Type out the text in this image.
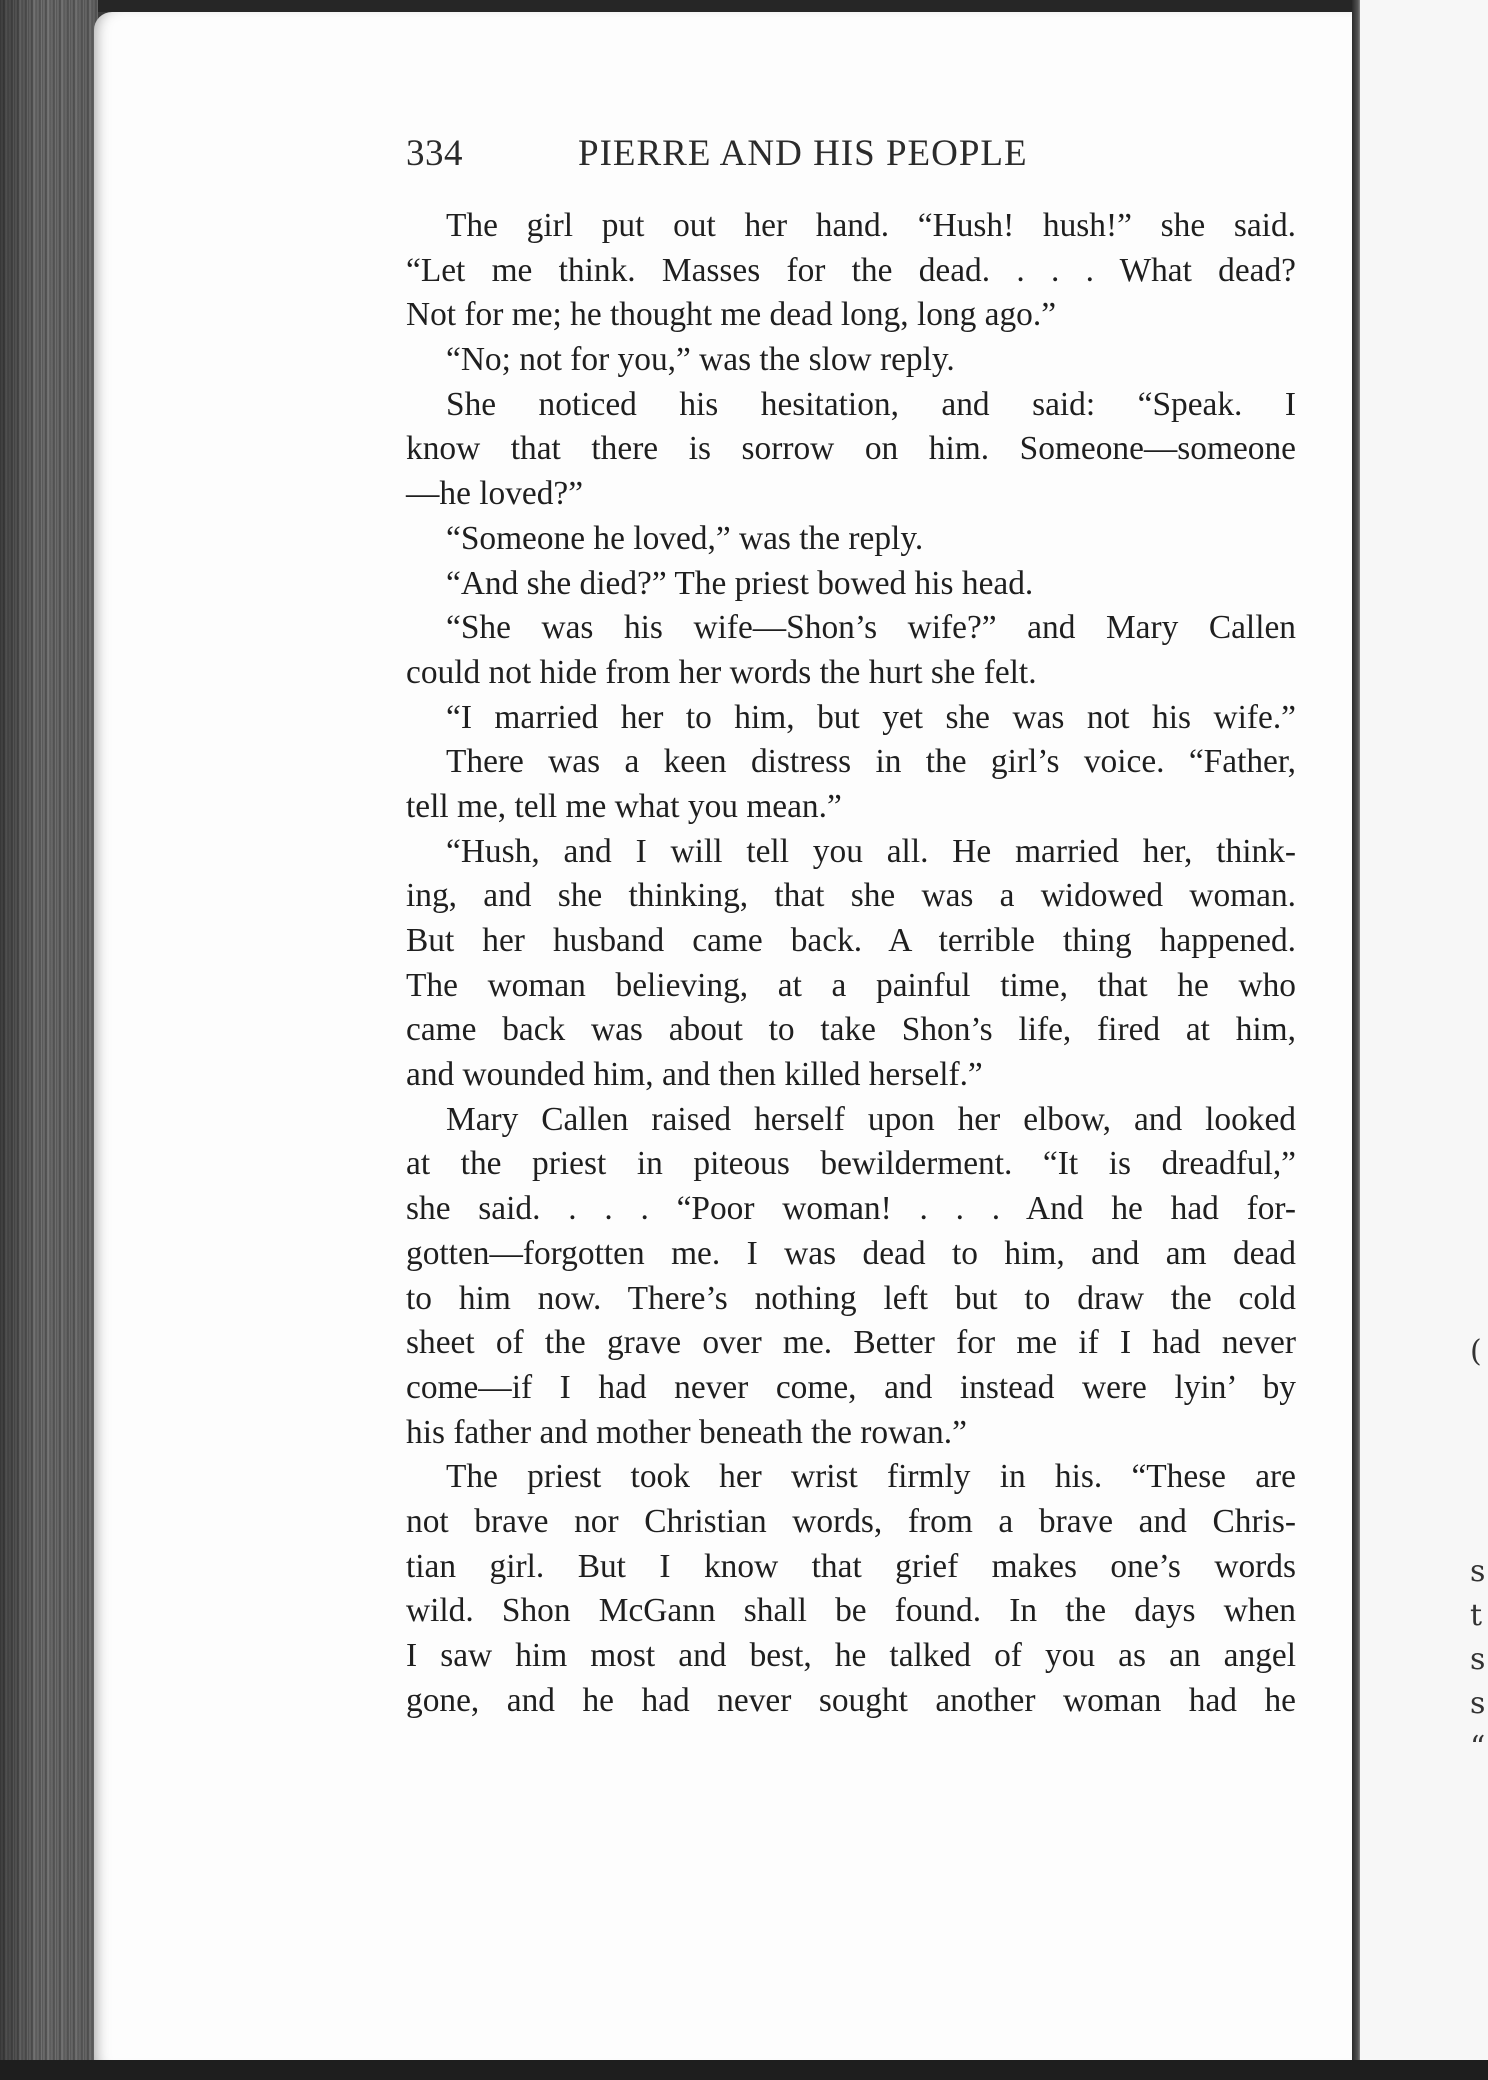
(

s
t
s
s
“
334	PIERRE AND HIS PEOPLE
The girl put out her hand. “Hush! hush!” she said.
“Let me think. Masses for the dead. . . . What dead?
Not for me; he thought me dead long, long ago.”
“No; not for you,” was the slow reply.
She noticed his hesitation, and said: “Speak. I
know that there is sorrow on him. Someone—someone
—he loved?”
“Someone he loved,” was the reply.
“And she died?” The priest bowed his head.
“She was his wife—Shon’s wife?” and Mary Callen
could not hide from her words the hurt she felt.
“I married her to him, but yet she was not his wife.”
There was a keen distress in the girl’s voice. “Father,
tell me, tell me what you mean.”
“Hush, and I will tell you all. He married her, think-
ing, and she thinking, that she was a widowed woman.
But her husband came back. A terrible thing happened.
The woman believing, at a painful time, that he who
came back was about to take Shon’s life, fired at him,
and wounded him, and then killed herself.”
Mary Callen raised herself upon her elbow, and looked
at the priest in piteous bewilderment. “It is dreadful,”
she said. . . . “Poor woman! . . . And he had for-
gotten—forgotten me. I was dead to him, and am dead
to him now. There’s nothing left but to draw the cold
sheet of the grave over me. Better for me if I had never
come—if I had never come, and instead were lyin’ by
his father and mother beneath the rowan.”
The priest took her wrist firmly in his. “These are
not brave nor Christian words, from a brave and Chris-
tian girl. But I know that grief makes one’s words
wild. Shon McGann shall be found. In the days when
I saw him most and best, he talked of you as an angel
gone, and he had never sought another woman had he
